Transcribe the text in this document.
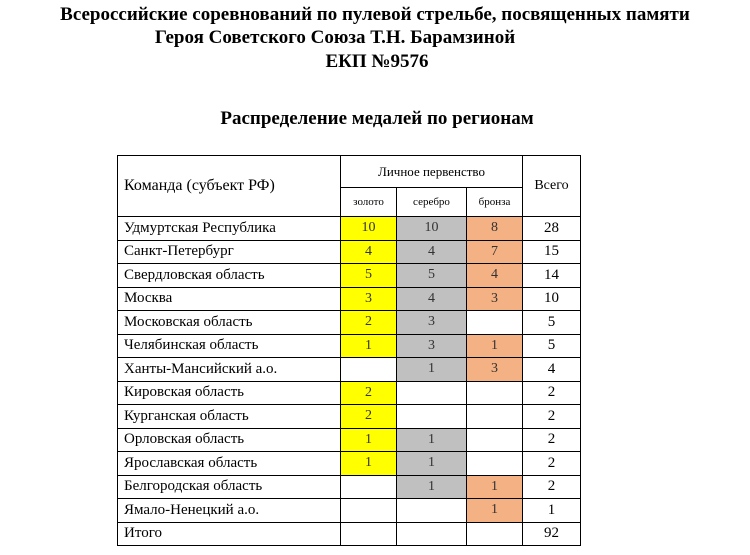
Всероссийские соревнований по пулевой стрельбе, посвященных памяти
Героя Советского Союза Т.Н. Барамзиной
ЕКП №9576
Распределение медалей по регионам
Команда (субъект РФ)	Личное первенство			Всего
	золото	серебро	бронза	
Удмуртская Республика	10	10	8	28
Санкт-Петербург	4	4	7	15
Свердловская область	5	5	4	14
Москва	3	4	3	10
Московская область	2	3		5
Челябинская область	1	3	1	5
Ханты-Мансийский а.о.		1	3	4
Кировская область	2			2
Курганская область	2			2
Орловская область	1	1		2
Ярославская область	1	1		2
Белгородская область		1	1	2
Ямало-Ненецкий а.о.			1	1
Итого				92
